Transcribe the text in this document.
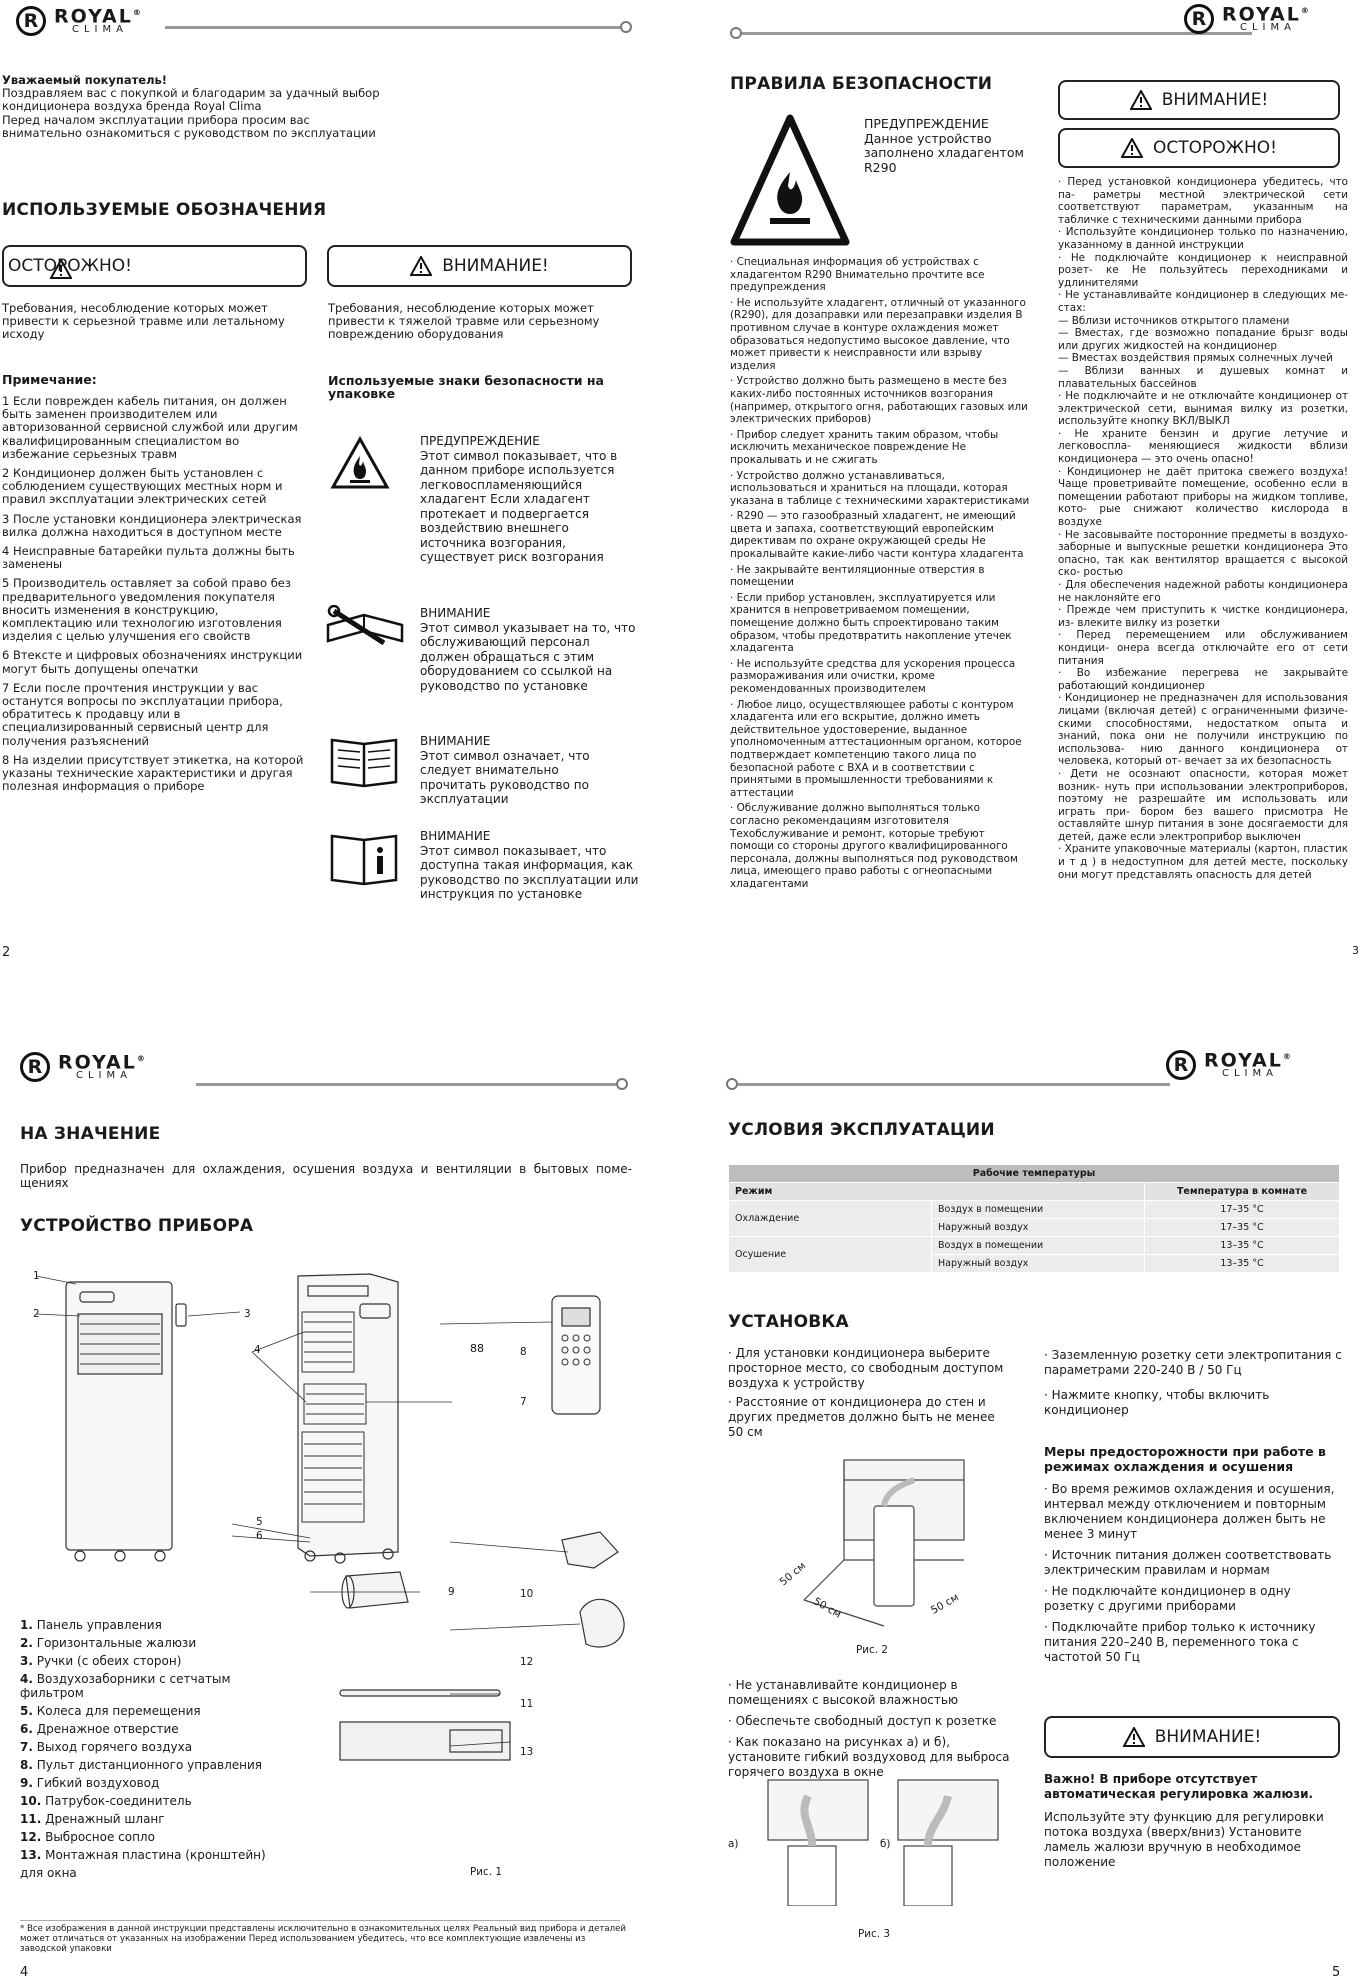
R ROYAL®
CLIMA

Уважаемый покупатель!

Поздравляем вас с покупкой и благодарим за удачный выбор

кондиционера воздуха бренда Royal Clima

Перед началом эксплуатации прибора просим вас

внимательно ознакомиться с руководством по эксплуатации

ИСПОЛЬЗУЕМЫЕ ОБОЗНАЧЕНИЯ
ОСТОРОЖНО!	ВНИМАНИЕ!

Требования, несоблюдение которых может привести к серьезной травме или летальному исходу

Требования, несоблюдение которых может привести к тяжелой травме или серьезному повреждению оборудования

Примечание:

1 Если поврежден кабель питания, он должен быть заменен производителем или авторизованной сервисной службой или другим квалифицированным специалистом во избежание серьезных травм

2 Кондиционер должен быть установлен с соблюдением существующих местных норм и правил эксплуатации электрических сетей

3 После установки кондиционера электрическая вилка должна находиться в доступном месте

4 Неисправные батарейки пульта должны быть заменены

5 Производитель оставляет за собой право без предварительного уведомления покупателя вносить изменения в конструкцию, комплектацию или технологию изготовления изделия с целью улучшения его свойств

6 Втексте и цифровых обозначениях инструкции могут быть допущены опечатки

7 Если после прочтения инструкции у вас останутся вопросы по эксплуатации прибора, обратитесь к продавцу или в специализированный сервисный центр для получения разъяснений

8 На изделии присутствует этикетка, на которой указаны технические характеристики и другая полезная информация о приборе

Используемые знаки безопасности на упаковке

ПРЕДУПРЕЖДЕНИЕ

Этот символ показывает, что в данном приборе используется легковоспламеняющийся хладагент Если хладагент протекает и подвергается воздействию внешнего источника возгорания, существует риск возгорания

ВНИМАНИЕ

Этот символ указывает на то, что обслуживающий персонал должен обращаться с этим оборудованием со ссылкой на руководство по установке

ВНИМАНИЕ

Этот символ означает, что следует внимательно прочитать руководство по эксплуатации

ВНИМАНИЕ

Этот символ показывает, что доступна такая информация, как руководство по эксплуатации или инструкция по установке

2
R ROYAL®
CLIMA
ПРАВИЛА БЕЗОПАСНОСТИ

ПРЕДУПРЕЖДЕНИЕ

Данное устройство заполнено хладагентом R290

ВНИМАНИЕ!
ОСТОРОЖНО!

· Специальная информация об устройствах с хладагентом R290 Внимательно прочтите все предупреждения

· Не используйте хладагент, отличный от указанного (R290), для дозаправки или перезаправки изделия В противном случае в контуре охлаждения может образоваться недопустимо высокое давление, что может привести к неисправности или взрыву изделия

· Устройство должно быть размещено в месте без каких-либо постоянных источников возгорания (например, открытого огня, работающих газовых или электрических приборов)

· Прибор следует хранить таким образом, чтобы исключить механическое повреждение Не прокалывать и не сжигать

· Устройство должно устанавливаться, использоваться и храниться на площади, которая указана в таблице с техническими характеристиками

· R290 — это газообразный хладагент, не имеющий цвета и запаха, соответствующий европейским директивам по охране окружающей среды Не прокалывайте какие-либо части контура хладагента

· Не закрывайте вентиляционные отверстия в помещении

· Если прибор установлен, эксплуатируется или хранится в непроветриваемом помещении, помещение должно быть спроектировано таким образом, чтобы предотвратить накопление утечек хладагента

· Не используйте средства для ускорения процесса размораживания или очистки, кроме рекомендованных производителем

· Любое лицо, осуществляющее работы с контуром хладагента или его вскрытие, должно иметь действительное удостоверение, выданное уполномоченным аттестационным органом, которое подтверждает компетенцию такого лица по безопасной работе с ВХА и в соответствии с принятыми в промышленности требованиями к аттестации

· Обслуживание должно выполняться только согласно рекомендациям изготовителя Техобслуживание и ремонт, которые требуют помощи со стороны другого квалифицированного персонала, должны выполняться под руководством лица, имеющего право работы с огнеопасными хладагентами

· Перед установкой кондиционера убедитесь, что па- раметры местной электрической сети соответствуют параметрам, указанным на табличке с техническими данными прибора

· Используйте кондиционер только по назначению, указанному в данной инструкции

· Не подключайте кондиционер к неисправной розет- ке Не пользуйтесь переходниками и удлинителями

· Не устанавливайте кондиционер в следующих ме- стах:

— Вблизи источников открытого пламени

— Вместах, где возможно попадание брызг воды или других жидкостей на кондиционер

— Вместах воздействия прямых солнечных лучей

— Вблизи ванных и душевых комнат и плавательных бассейнов

· Не подключайте и не отключайте кондиционер от электрической сети, вынимая вилку из розетки, используйте кнопку ВКЛ/ВЫКЛ

· Не храните бензин и другие летучие и легковоспла- меняющиеся жидкости вблизи кондиционера — это очень опасно!

· Кондиционер не даёт притока свежего воздуха! Чаще проветривайте помещение, особенно если в помещении работают приборы на жидком топливе, кото- рые снижают количество кислорода в воздухе

· Не засовывайте посторонние предметы в воздухо- заборные и выпускные решетки кондиционера Это опасно, так как вентилятор вращается с высокой ско- ростью

· Для обеспечения надежной работы кондиционера не наклоняйте его

· Прежде чем приступить к чистке кондиционера, из- влеките вилку из розетки

· Перед перемещением или обслуживанием кондици- онера всегда отключайте его от сети питания

· Во избежание перегрева не закрывайте работающий кондиционер

· Кондиционер не предназначен для использования лицами (включая детей) с ограниченными физиче- скими способностями, недостатком опыта и знаний, пока они не получили инструкцию по использова- нию данного кондиционера от человека, который от- вечает за их безопасность

· Дети не осознают опасности, которая может возник- нуть при использовании электроприборов, поэтому не разрешайте им использовать или играть при- бором без вашего присмотра Не оставляйте шнур питания в зоне досягаемости для детей, даже если электроприбор выключен

· Храните упаковочные материалы (картон, пластик и т д ) в недоступном для детей месте, поскольку они могут представлять опасность для детей

3
R ROYAL®
CLIMA
НА ЗНАЧЕНИЕ

Прибор предназначен для охлаждения, осушения воздуха и вентиляции в бытовых поме- щениях

УСТРОЙСТВО ПРИБОРА
88
1
2	3
4
5
6
7
8
9	10
11
12
13
1. Панель управления
2. Горизонтальные жалюзи
3. Ручки (с обеих сторон)
4. Воздухозаборники с сетчатым фильтром
5. Колеса для перемещения
6. Дренажное отверстие
7. Выход горячего воздуха
8. Пульт дистанционного управления
9. Гибкий воздуховод
10. Патрубок-соединитель
11. Дренажный шланг
12. Выбросное сопло
13. Монтажная пластина (кронштейн) для окна	Рис. 1

* Все изображения в данной инструкции представлены исключительно в ознакомительных целях Реальный вид прибора и деталей может отличаться от указанных на изображении Перед использованием убедитесь, что все комплектующие извлечены из заводской упаковки

4
R ROYAL®
CLIMA
УСЛОВИЯ ЭКСПЛУАТАЦИИ
Рабочие температуры		
Режим		Температура в комнате
Охлаждение	Воздух в помещении	17–35 °С
	Наружный воздух	17–35 °С
Осушение	Воздух в помещении	13–35 °С
	Наружный воздух	13–35 °С
УСТАНОВКА

· Для установки кондиционера выберите просторное место, со свободным доступом воздуха к устройству

· Расстояние от кондиционера до стен и других предметов должно быть не менее 50 см

50 см
50 см	50 см
Рис. 2

· Не устанавливайте кондиционер в помещениях с высокой влажностью

· Обеспечьте свободный доступ к розетке

· Как показано на рисунках а) и б), установите гибкий воздуховод для выброса горячего воздуха в окне

а)	б)
Рис. 3

· Заземленную розетку сети электропитания с параметрами 220-240 В / 50 Гц

· Нажмите кнопку, чтобы включить кондиционер

Меры предосторожности при работе в режимах охлаждения и осушения

· Во время режимов охлаждения и осушения, интервал между отключением и повторным включением кондиционера должен быть не менее 3 минут

· Источник питания должен соответствовать электрическим правилам и нормам

· Не подключайте кондиционер в одну розетку с другими приборами

· Подключайте прибор только к источнику питания 220–240 В, переменного тока с частотой 50 Гц

ВНИМАНИЕ!

Важно! В приборе отсутствует автоматическая регулировка жалюзи.

Используйте эту функцию для регулировки потока воздуха (вверх/вниз) Установите ламель жалюзи вручную в необходимое положение

5
